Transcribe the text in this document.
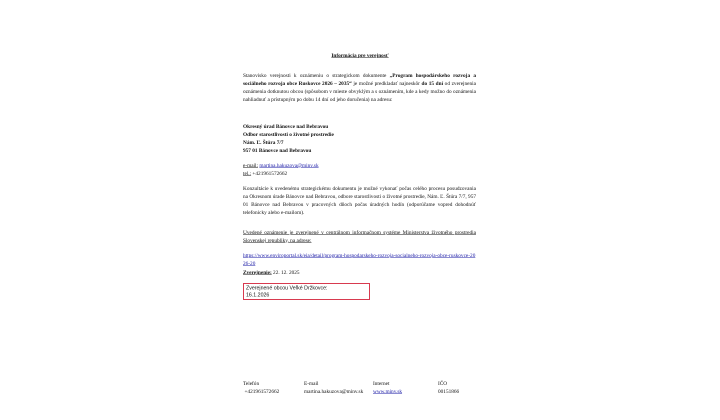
Informácia pre verejnosť
Stanovisko verejnosti k oznámeniu o strategickom dokumente „Program hospodárskeho rozvoja a sociálneho rozvoja obce Ruskovce 2026 – 2035“ je možné predkladať najneskôr do 15 dní od zverejnenia oznámenia dotknutou obcou (spôsobom v mieste obvyklým a s oznámením, kde a kedy možno do oznámenia nahliadnuť a prístupným po dobu 14 dní od jeho doručenia) na adresu:
Okresný úrad Bánovce nad Bebravou
Odbor starostlivosti o životné prostredie
Nám. Ľ. Štúra 7/7
957 01 Bánovce nad Bebravou
e-mail: martina.hakuzova@minv.sk
tel.: +421961572662
Konzultácie k uvedenému strategickému dokumentu je možné vykonať počas celého procesu posudzovania na Okresnom úrade Bánovce nad Bebravou, odbore starostlivosti o životné prostredie, Nám. Ľ. Štúra 7/7, 957 01 Bánovce nad Bebravou v pracovných dňoch počas úradných hodín (odporúčame vopred dohodnúť telefonicky alebo e-mailom).
Uvedené oznámenie je zverejnené v centrálnom informačnom systéme Ministerstva životného prostredia Slovenskej republiky, na adrese:
https://www.enviroportal.sk/eia/detail/program-hospodarskeho-rozvoja-socialneho-rozvoja-obce-ruskovce-2026-20
Zverejnenie: 22. 12. 2025
Zverejnené obcou Veľké Držkovce:
16.1.2026
Telefón
+421961572662
E-mail
martina.hakuzova@minv.sk
Internet
www.minv.sk
IČO
00151866
